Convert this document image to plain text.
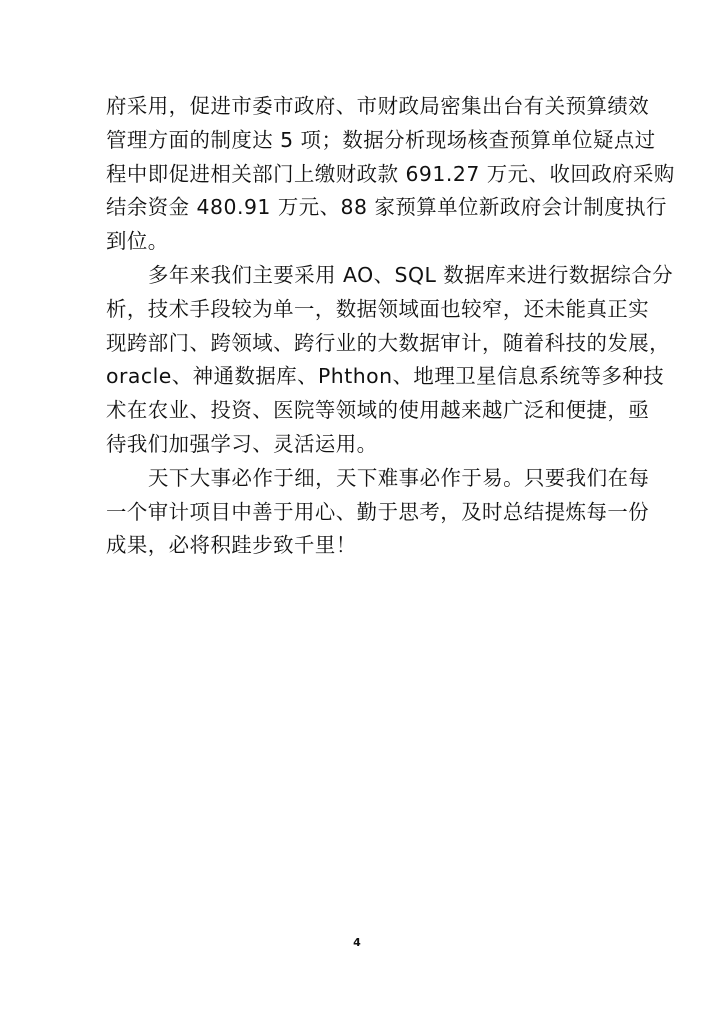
府采用，促进市委市政府、市财政局密集出台有关预算绩效
管理方面的制度达 5 项；数据分析现场核查预算单位疑点过
程中即促进相关部门上缴财政款 691.27 万元、收回政府采购
结余资金 480.91 万元、88 家预算单位新政府会计制度执行
到位。
多年来我们主要采用 AO、SQL 数据库来进行数据综合分
析，技术手段较为单一，数据领域面也较窄，还未能真正实
现跨部门、跨领域、跨行业的大数据审计，随着科技的发展，
oracle、神通数据库、Phthon、地理卫星信息系统等多种技
术在农业、投资、医院等领域的使用越来越广泛和便捷，亟
待我们加强学习、灵活运用。
天下大事必作于细，天下难事必作于易。只要我们在每
一个审计项目中善于用心、勤于思考，及时总结提炼每一份
成果，必将积跬步致千里！
4
